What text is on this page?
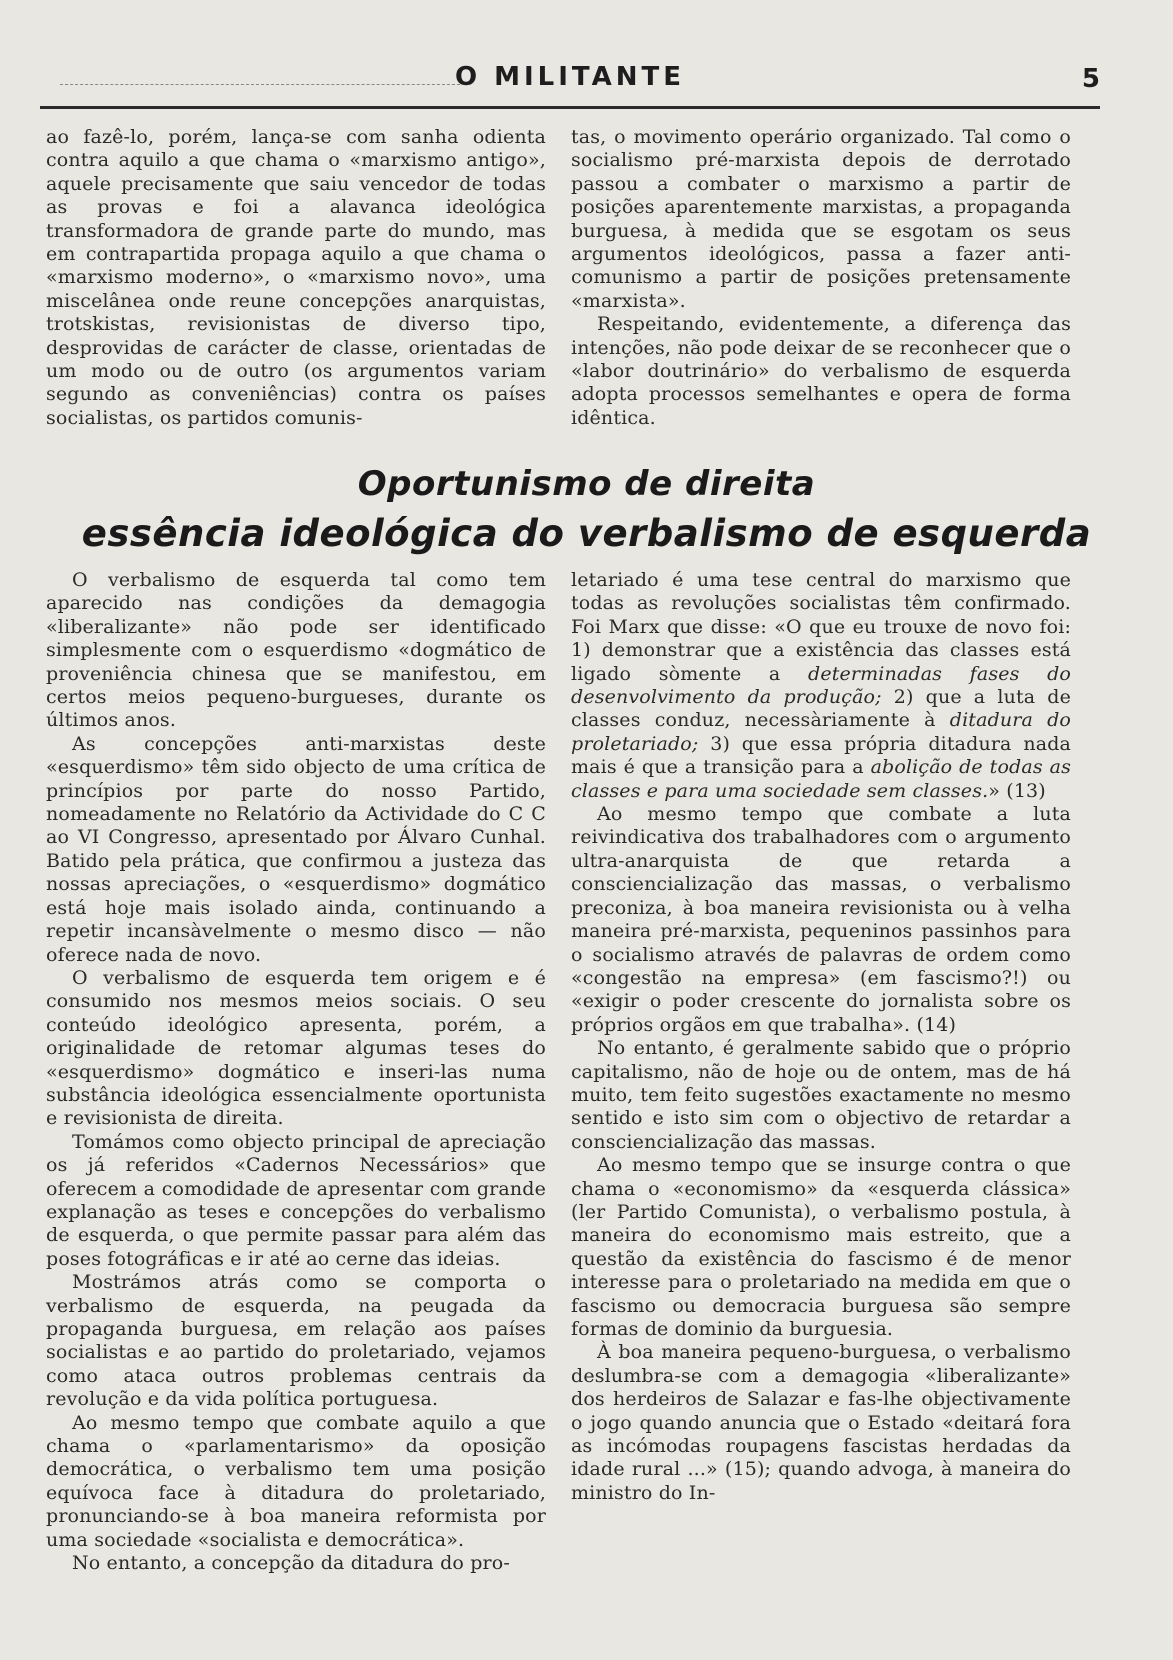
O MILITANTE	5

ao fazê-lo, porém, lança-se com sanha odienta contra aquilo a que chama o «marxismo antigo», aquele precisamente que saiu vencedor de todas as provas e foi a alavanca ideológica transformadora de grande parte do mundo, mas em contrapartida propaga aquilo a que chama o «marxismo moderno», o «marxismo novo», uma miscelânea onde reune concepções anarquistas, trotskistas, revisionistas de diverso tipo, desprovidas de carácter de classe, orientadas de um modo ou de outro (os argumentos variam segundo as conveniências) contra os países socialistas, os partidos comunis-

tas, o movimento operário organizado. Tal como o socialismo pré-marxista depois de derrotado passou a combater o marxismo a partir de posições aparentemente marxistas, a propaganda burguesa, à medida que se esgotam os seus argumentos ideológicos, passa a fazer anti-comunismo a partir de posições pretensamente «marxista».

Respeitando, evidentemente, a diferença das intenções, não pode deixar de se reconhecer que o «labor doutrinário» do verbalismo de esquerda adopta processos semelhantes e opera de forma idêntica.

Oportunismo de direita
essência ideológica do verbalismo de esquerda

O verbalismo de esquerda tal como tem aparecido nas condições da demagogia «liberalizante» não pode ser identificado simplesmente com o esquerdismo «dogmático de proveniência chinesa que se manifestou, em certos meios pequeno-burgueses, durante os últimos anos.

As concepções anti-marxistas deste «esquerdismo» têm sido objecto de uma crítica de princípios por parte do nosso Partido, nomeadamente no Relatório da Actividade do C C ao VI Congresso, apresentado por Álvaro Cunhal. Batido pela prática, que confirmou a justeza das nossas apreciações, o «esquerdismo» dogmático está hoje mais isolado ainda, continuando a repetir incansàvelmente o mesmo disco — não oferece nada de novo.

O verbalismo de esquerda tem origem e é consumido nos mesmos meios sociais. O seu conteúdo ideológico apresenta, porém, a originalidade de retomar algumas teses do «esquerdismo» dogmático e inseri-las numa substância ideológica essencialmente oportunista e revisionista de direita.

Tomámos como objecto principal de apreciação os já referidos «Cadernos Necessários» que oferecem a comodidade de apresentar com grande explanação as teses e concepções do verbalismo de esquerda, o que permite passar para além das poses fotográficas e ir até ao cerne das ideias.

Mostrámos atrás como se comporta o verbalismo de esquerda, na peugada da propaganda burguesa, em relação aos países socialistas e ao partido do proletariado, vejamos como ataca outros problemas centrais da revolução e da vida política portuguesa.

Ao mesmo tempo que combate aquilo a que chama o «parlamentarismo» da oposição democrática, o verbalismo tem uma posição equívoca face à ditadura do proletariado, pronunciando-se à boa maneira reformista por uma sociedade «socialista e democrática».

No entanto, a concepção da ditadura do pro-

letariado é uma tese central do marxismo que todas as revoluções socialistas têm confirmado. Foi Marx que disse: «O que eu trouxe de novo foi: 1) demonstrar que a existência das classes está ligado sòmente a determinadas fases do desenvolvimento da produção; 2) que a luta de classes conduz, necessàriamente à ditadura do proletariado; 3) que essa própria ditadura nada mais é que a transição para a abolição de todas as classes e para uma sociedade sem classes.» (13)

Ao mesmo tempo que combate a luta reivindicativa dos trabalhadores com o argumento ultra-anarquista de que retarda a consciencialização das massas, o verbalismo preconiza, à boa maneira revisionista ou à velha maneira pré-marxista, pequeninos passinhos para o socialismo através de palavras de ordem como «congestão na empresa» (em fascismo?!) ou «exigir o poder crescente do jornalista sobre os próprios orgãos em que trabalha». (14)

No entanto, é geralmente sabido que o próprio capitalismo, não de hoje ou de ontem, mas de há muito, tem feito sugestões exactamente no mesmo sentido e isto sim com o objectivo de retardar a consciencialização das massas.

Ao mesmo tempo que se insurge contra o que chama o «economismo» da «esquerda clássica» (ler Partido Comunista), o verbalismo postula, à maneira do economismo mais estreito, que a questão da existência do fascismo é de menor interesse para o proletariado na medida em que o fascismo ou democracia burguesa são sempre formas de dominio da burguesia.

À boa maneira pequeno-burguesa, o verbalismo deslumbra-se com a demagogia «liberalizante» dos herdeiros de Salazar e fas-lhe objectivamente o jogo quando anuncia que o Estado «deitará fora as incómodas roupagens fascistas herdadas da idade rural ...» (15); quando advoga, à maneira do ministro do In-
